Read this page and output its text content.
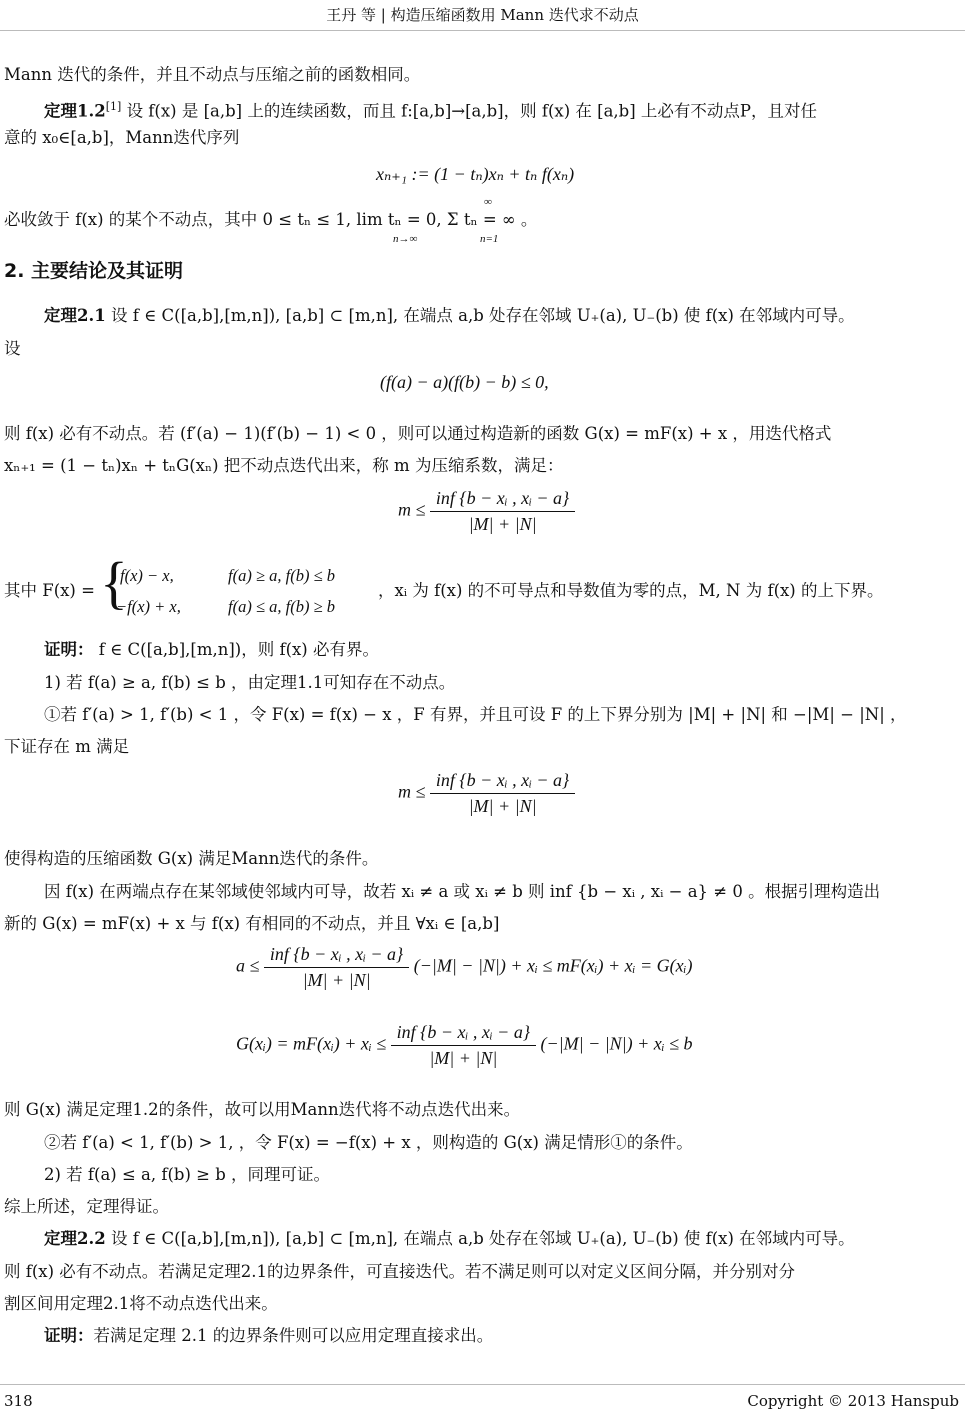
王丹 等 | 构造压缩函数用 Mann 迭代求不动点
Mann 迭代的条件，并且不动点与压缩之前的函数相同。
定理1.2[1] 设 f(x) 是 [a,b] 上的连续函数，而且 f:[a,b]→[a,b]，则 f(x) 在 [a,b] 上必有不动点P，且对任
意的 x₀∈[a,b]，Mann迭代序列
xₙ₊₁ := (1 − tₙ)xₙ + tₙ f(xₙ)
必收敛于 f(x) 的某个不动点，其中 0 ≤ tₙ ≤ 1, lim tₙ = 0, Σ tₙ = ∞ 。
n→∞
∞
n=1
2. 主要结论及其证明
定理2.1 设 f ∈ C([a,b],[m,n]), [a,b] ⊂ [m,n], 在端点 a,b 处存在邻域 U₊(a), U₋(b) 使 f(x) 在邻域内可导。
设
(f(a) − a)(f(b) − b) ≤ 0,
则 f(x) 必有不动点。若 (f′(a) − 1)(f′(b) − 1) < 0 ，则可以通过构造新的函数 G(x) = mF(x) + x ，用迭代格式
xₙ₊₁ = (1 − tₙ)xₙ + tₙG(xₙ) 把不动点迭代出来，称 m 为压缩系数，满足：
$m \le \frac{\text{inf \{b − xᵢ , xᵢ − a\}}}{|M| + |N|}$
其中 F(x) = {
f(x) − x,	f(a) ≥ a, f(b) ≤ b
−f(x) + x,	f(a) ≤ a, f(b) ≥ b
，xᵢ 为 f(x) 的不可导点和导数值为零的点，M, N 为 f(x) 的上下界。
证明： f ∈ C([a,b],[m,n])，则 f(x) 必有界。
1) 若 f(a) ≥ a, f(b) ≤ b ，由定理1.1可知存在不动点。
①若 f′(a) > 1, f′(b) < 1 ，令 F(x) = f(x) − x ，F 有界，并且可设 F 的上下界分别为 |M| + |N| 和 −|M| − |N| ，
下证存在 m 满足
$m \le \frac{\text{inf \{b − xᵢ , xᵢ − a\}}}{|M| + |N|}$
使得构造的压缩函数 G(x) 满足Mann迭代的条件。
因 f(x) 在两端点存在某邻域使邻域内可导，故若 xᵢ ≠ a 或 xᵢ ≠ b 则 inf {b − xᵢ , xᵢ − a} ≠ 0 。根据引理构造出
新的 G(x) = mF(x) + x 与 f(x) 有相同的不动点，并且 ∀xᵢ ∈ [a,b]
$a \le \frac{\text{inf \{b − xᵢ , xᵢ − a\}}}{|M| + |N|} (-|M| - |N|)$ + xᵢ ≤ mF(xᵢ) + xᵢ = G(xᵢ)
G(xᵢ) = mF(xᵢ) + xᵢ ≤ $\frac{\text{inf \{b − xᵢ , xᵢ − a\}}}{|M| + |N|} (-|M| - |N|)$ + xᵢ ≤ b
则 G(x) 满足定理1.2的条件，故可以用Mann迭代将不动点迭代出来。
②若 f′(a) < 1, f′(b) > 1, ，令 F(x) = −f(x) + x ，则构造的 G(x) 满足情形①的条件。
2) 若 f(a) ≤ a, f(b) ≥ b ，同理可证。
综上所述，定理得证。
定理2.2 设 f ∈ C([a,b],[m,n]), [a,b] ⊂ [m,n], 在端点 a,b 处存在邻域 U₊(a), U₋(b) 使 f(x) 在邻域内可导。
则 f(x) 必有不动点。若满足定理2.1的边界条件，可直接迭代。若不满足则可以对定义区间分隔，并分别对分
割区间用定理2.1将不动点迭代出来。
证明：若满足定理 2.1 的边界条件则可以应用定理直接求出。
318	Copyright © 2013 Hanspub
